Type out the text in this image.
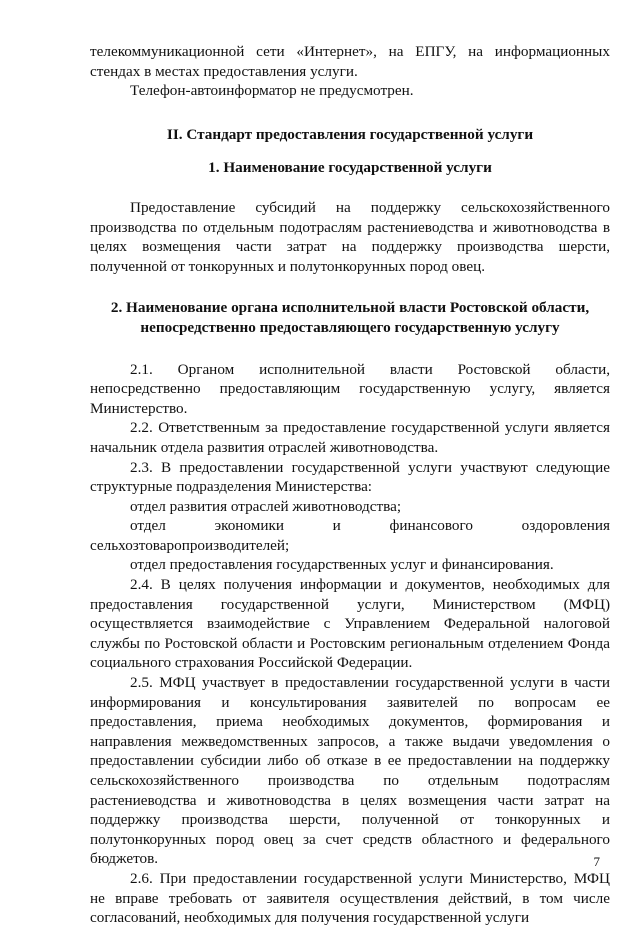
телекоммуникационной сети «Интернет», на ЕПГУ, на информационных стендах в местах предоставления услуги.

Телефон-автоинформатор не предусмотрен.

II. Стандарт предоставления государственной услуги

1. Наименование государственной услуги

Предоставление субсидий на поддержку сельскохозяйственного производства по отдельным подотраслям растениеводства и животноводства в целях возмещения части затрат на поддержку производства шерсти, полученной от тонкорунных и полутонкорунных пород овец.

2. Наименование органа исполнительной власти Ростовской области, непосредственно предоставляющего государственную услугу

2.1. Органом исполнительной власти Ростовской области, непосредственно предоставляющим государственную услугу, является Министерство.

2.2. Ответственным за предоставление государственной услуги является начальник отдела развития отраслей животноводства.

2.3. В предоставлении государственной услуги участвуют следующие структурные подразделения Министерства:

отдел развития отраслей животноводства;

отдел экономики и финансового оздоровления сельхозтоваропроизводителей;

отдел предоставления государственных услуг и финансирования.

2.4. В целях получения информации и документов, необходимых для предоставления государственной услуги, Министерством (МФЦ) осуществляется взаимодействие с Управлением Федеральной налоговой службы по Ростовской области и Ростовским региональным отделением Фонда социального страхования Российской Федерации.

2.5. МФЦ участвует в предоставлении государственной услуги в части информирования и консультирования заявителей по вопросам ее предоставления, приема необходимых документов, формирования и направления межведомственных запросов, а также выдачи уведомления о предоставлении субсидии либо об отказе в ее предоставлении на поддержку сельскохозяйственного производства по отдельным подотраслям растениеводства и животноводства в целях возмещения части затрат на поддержку производства шерсти, полученной от тонкорунных и полутонкорунных пород овец за счет средств областного и федерального бюджетов.

2.6. При предоставлении государственной услуги Министерство, МФЦ не вправе требовать от заявителя осуществления действий, в том числе согласований, необходимых для получения государственной услуги

7
